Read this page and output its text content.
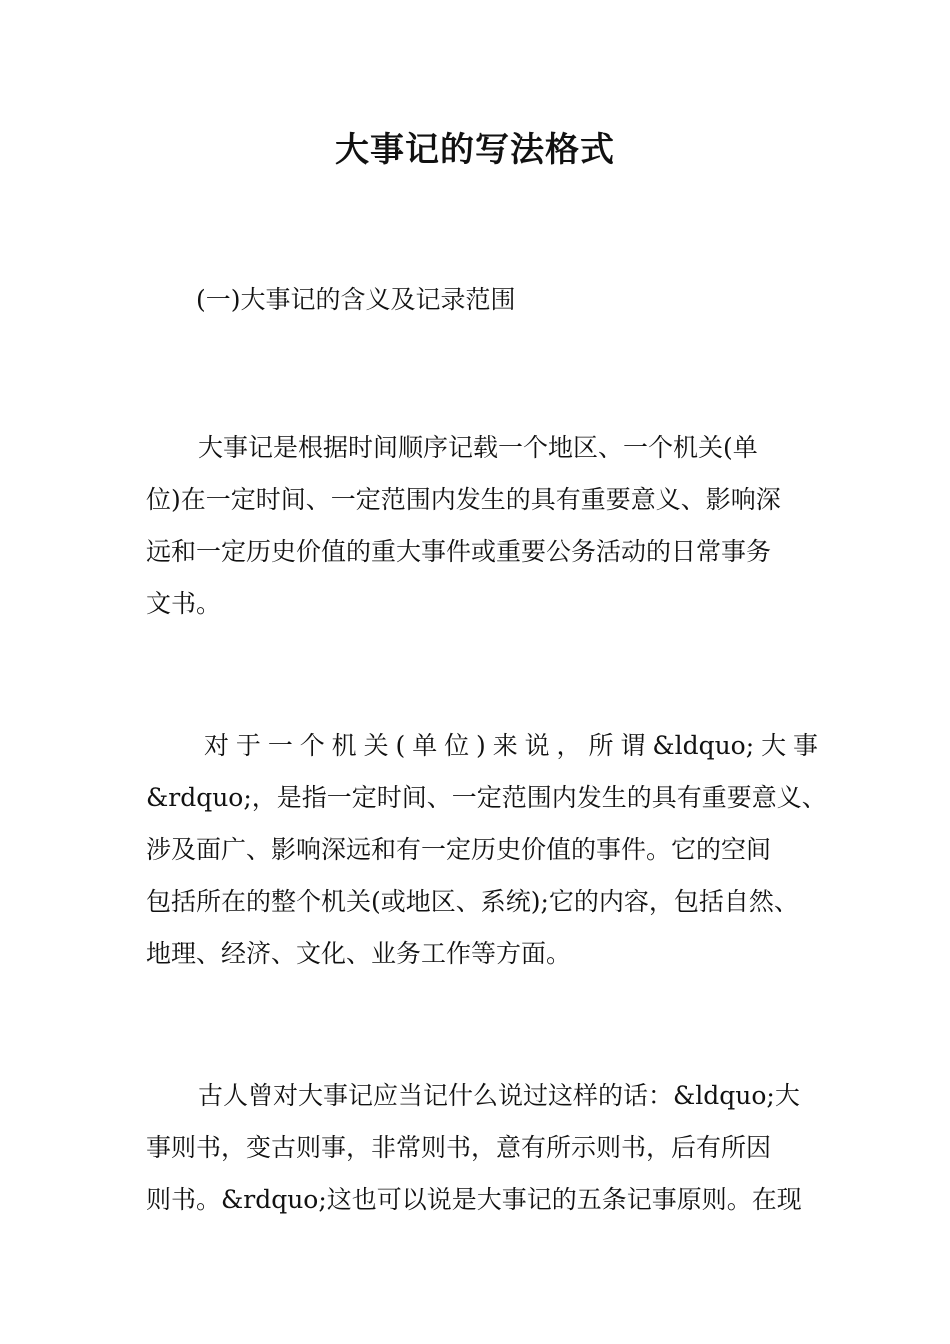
大事记的写法格式

(一)大事记的含义及记录范围

大事记是根据时间顺序记载一个地区、一个机关(单
位)在一定时间、一定范围内发生的具有重要意义、影响深
远和一定历史价值的重大事件或重要公务活动的日常事务
文书。
对于一个机关(单位)来说，所谓&ldquo;大事
&rdquo;，是指一定时间、一定范围内发生的具有重要意义、
涉及面广、影响深远和有一定历史价值的事件。它的空间
包括所在的整个机关(或地区、系统);它的内容，包括自然、
地理、经济、文化、业务工作等方面。
古人曾对大事记应当记什么说过这样的话：&ldquo;大
事则书，变古则事，非常则书，意有所示则书，后有所因
则书。&rdquo;这也可以说是大事记的五条记事原则。在现
